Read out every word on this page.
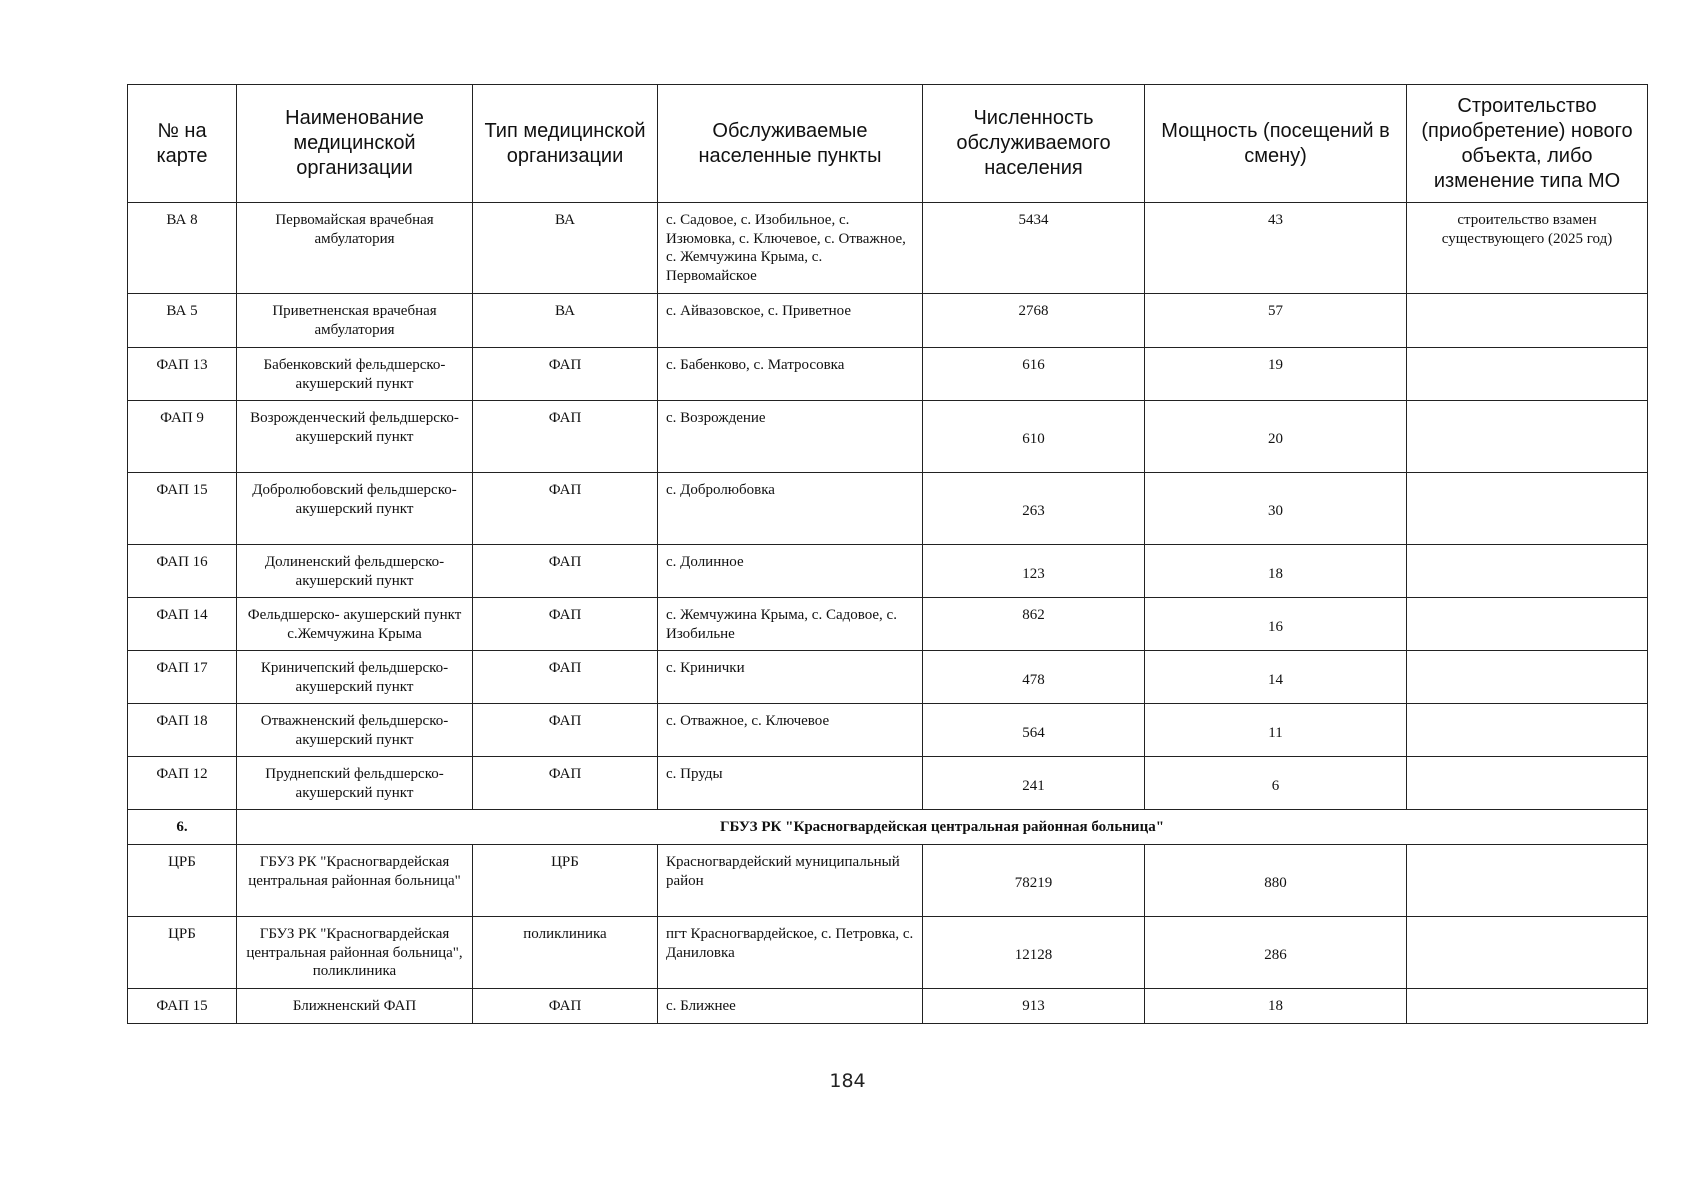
№ на карте	Наименование медицинской организации	Тип медицинской организации	Обслуживаемые населенные пункты	Численность обслуживаемого населения	Мощность (посещений в смену)	Строительство (приобретение) нового объекта, либо изменение типа МО
ВА 8	Первомайская врачебная амбулатория	ВА	с. Садовое, с. Изобильное, с. Изюмовка, с. Ключевое, с. Отважное, с. Жемчужина Крыма, с. Первомайское	5434	43	строительство взамен существующего (2025 год)
ВА 5	Приветненская врачебная амбулатория	ВА	с. Айвазовское, с. Приветное	2768	57	
ФАП 13	Бабенковский фельдшерско-акушерский пункт	ФАП	с. Бабенково, с. Матросовка	616	19	
ФАП 9	Возрожденческий фельдшерско- акушерский пункт	ФАП	с. Возрождение	610	20	
ФАП 15	Добролюбовский фельдшерско- акушерский пункт	ФАП	с. Добролюбовка	263	30	
ФАП 16	Долиненский фельдшерско-акушерский пункт	ФАП	с. Долинное	123	18	
ФАП 14	Фельдшерско- акушерский пункт с.Жемчужина Крыма	ФАП	с. Жемчужина Крыма, с. Садовое, с. Изобильне	862	16	
ФАП 17	Криничепский фельдшерско-акушерский пункт	ФАП	с. Кринички	478	14	
ФАП 18	Отважненский фельдшерско-акушерский пункт	ФАП	с. Отважное, с. Ключевое	564	11	
ФАП 12	Пруднепский фельдшерско-акушерский пункт	ФАП	с. Пруды	241	6	
6.	ГБУЗ РК "Красногвардейская центральная районная больница"					
ЦРБ	ГБУЗ РК "Красногвардейская центральная районная больница"	ЦРБ	Красногвардейский муниципальный район	78219	880	
ЦРБ	ГБУЗ РК "Красногвардейская центральная районная больница", поликлиника	поликлиника	пгт Красногвардейское, с. Петровка, с. Даниловка	12128	286	
ФАП 15	Ближненский ФАП	ФАП	с. Ближнее	913	18	
184
